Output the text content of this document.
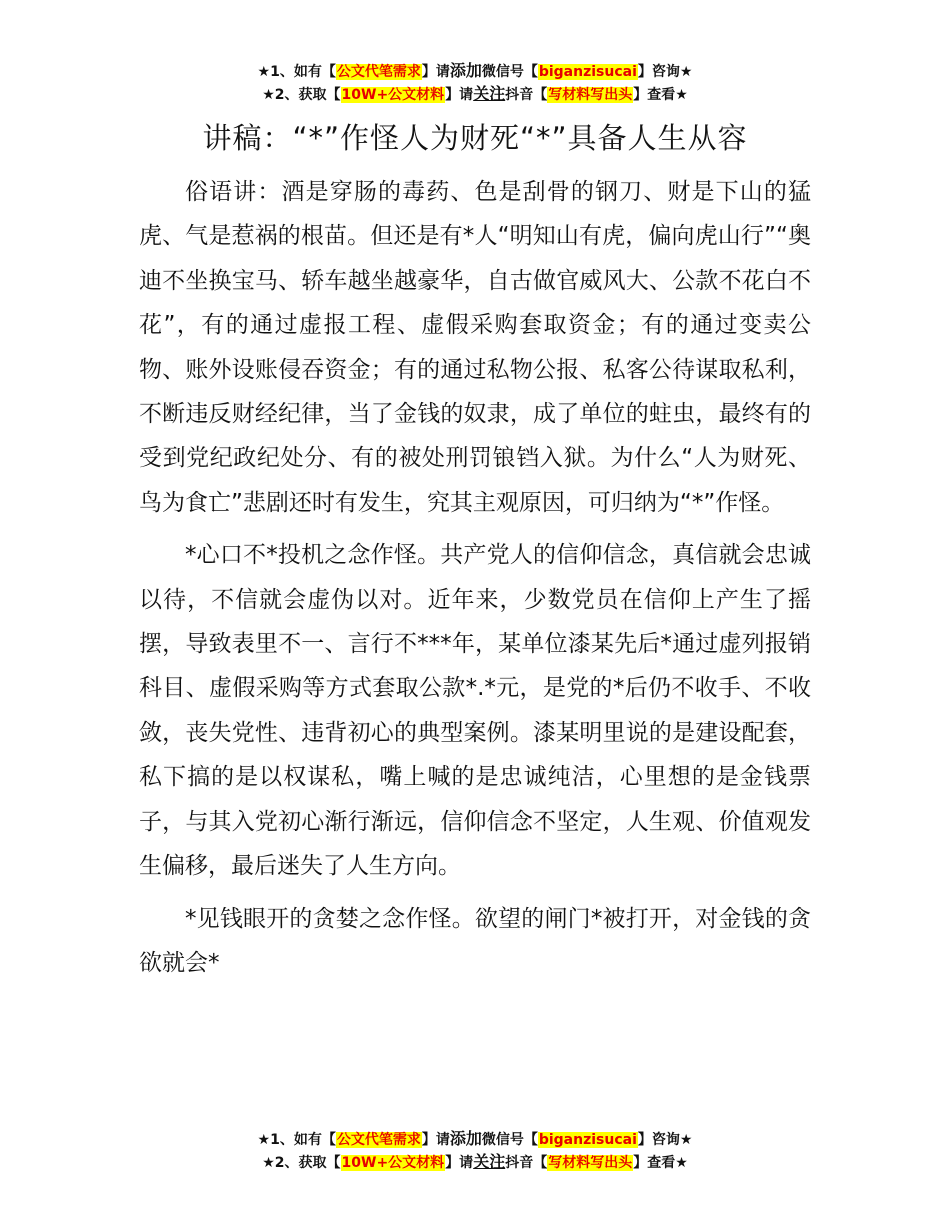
★1、如有【公文代笔需求】请添加微信号【biganzisucai】咨询★
★2、获取【10W+公文材料】请关注抖音【写材料写出头】查看★
讲稿：“*”作怪人为财死“*”具备人生从容

俗语讲：酒是穿肠的毒药、色是刮骨的钢刀、财是下山的猛虎、气是惹祸的根苗。但还是有*人“明知山有虎，偏向虎山行”“奥迪不坐换宝马、轿车越坐越豪华，自古做官威风大、公款不花白不花”，有的通过虚报工程、虚假采购套取资金；有的通过变卖公物、账外设账侵吞资金；有的通过私物公报、私客公待谋取私利，不断违反财经纪律，当了金钱的奴隶，成了单位的蛀虫，最终有的受到党纪政纪处分、有的被处刑罚锒铛入狱。为什么“人为财死、鸟为食亡”悲剧还时有发生，究其主观原因，可归纳为“*”作怪。

*心口不*投机之念作怪。共产党人的信仰信念，真信就会忠诚以待，不信就会虚伪以对。近年来，少数党员在信仰上产生了摇摆，导致表里不一、言行不***年，某单位漆某先后*通过虚列报销科目、虚假采购等方式套取公款*.*元，是党的*后仍不收手、不收敛，丧失党性、违背初心的典型案例。漆某明里说的是建设配套，私下搞的是以权谋私，嘴上喊的是忠诚纯洁，心里想的是金钱票子，与其入党初心渐行渐远，信仰信念不坚定，人生观、价值观发生偏移，最后迷失了人生方向。

*见钱眼开的贪婪之念作怪。欲望的闸门*被打开，对金钱的贪欲就会*

★1、如有【公文代笔需求】请添加微信号【biganzisucai】咨询★
★2、获取【10W+公文材料】请关注抖音【写材料写出头】查看★
